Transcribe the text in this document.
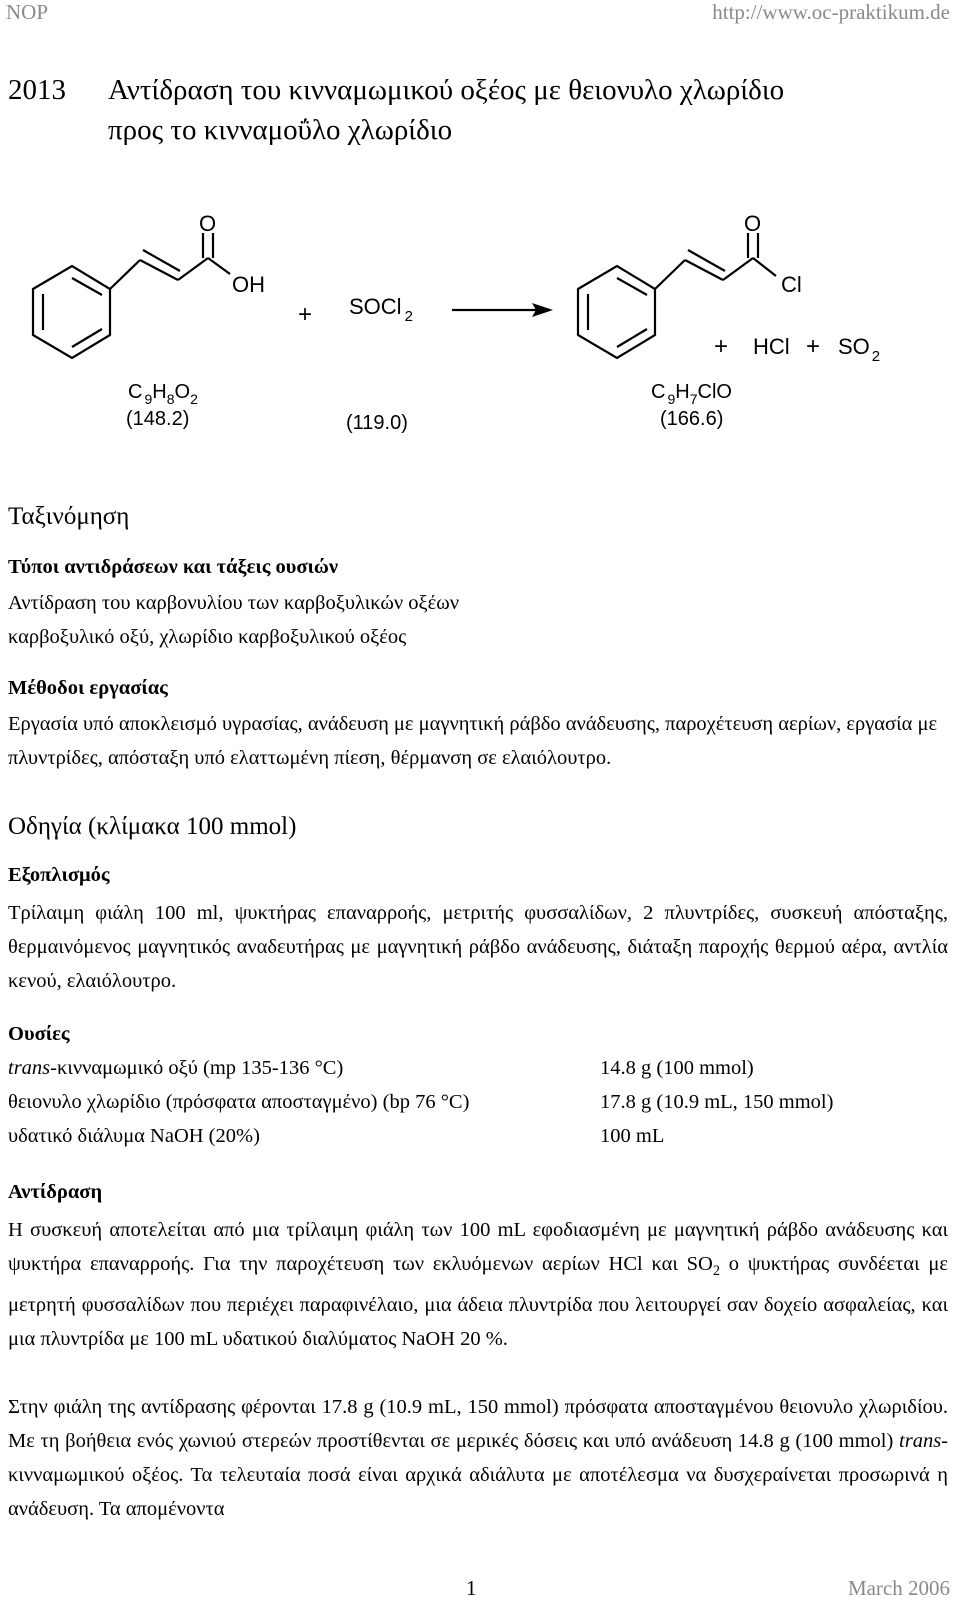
NOP	http://www.oc-praktikum.de
2013 Αντίδραση του κινναμωμικού οξέος με θειονυλο χλωρίδιο
προς το κινναμοΰλο χλωρίδιο
O
OH
+ SOCl $_2$
O
Cl
+ HCl + SO $_2$
C $_9H_8O_2$
(148.2)	(119.0)
C $_9H_7ClO$
(166.6)
Ταξινόμηση
Τύποι αντιδράσεων και τάξεις ουσιών
Αντίδραση του καρβονυλίου των καρβοξυλικών οξέων
καρβοξυλικό οξύ, χλωρίδιο καρβοξυλικού οξέος
Μέθοδοι εργασίας
Εργασία υπό αποκλεισμό υγρασίας, ανάδευση με μαγνητική ράβδο ανάδευσης, παροχέτευση αερίων, εργασία με πλυντρίδες, απόσταξη υπό ελαττωμένη πίεση, θέρμανση σε ελαιόλουτρο.
Οδηγία (κλίμακα 100 mmol)
Εξοπλισμός
Τρίλαιμη φιάλη 100 ml, ψυκτήρας επαναρροής, μετριτής φυσσαλίδων, 2 πλυντρίδες, συσκευή απόσταξης, θερμαινόμενος μαγνητικός αναδευτήρας με μαγνητική ράβδο ανάδευσης, διάταξη παροχής θερμού αέρα, αντλία κενού, ελαιόλουτρο.
Ουσίες
trans-κινναμωμικό οξύ (mp 135-136 °C)	14.8 g (100 mmol)
θειονυλο χλωρίδιο (πρόσφατα αποσταγμένο) (bp 76 °C)	17.8 g (10.9 mL, 150 mmol)
υδατικό διάλυμα NaOH (20%)	100 mL
Αντίδραση
Η συσκευή αποτελείται από μια τρίλαιμη φιάλη των 100 mL εφοδιασμένη με μαγνητική ράβδο ανάδευσης και ψυκτήρα επαναρροής. Για την παροχέτευση των εκλυόμενων αερίων HCl και $SO_2$ ο ψυκτήρας συνδέεται με μετρητή φυσσαλίδων που περιέχει παραφινέλαιο, μια άδεια πλυντρίδα που λειτουργεί σαν δοχείο ασφαλείας, και μια πλυντρίδα με 100 mL υδατικού διαλύματος NaOH 20 %.
Στην φιάλη της αντίδρασης φέρονται 17.8 g (10.9 mL, 150 mmol) πρόσφατα αποσταγμένου θειονυλο χλωριδίου. Με τη βοήθεια ενός χωνιού στερεών προστίθενται σε μερικές δόσεις και υπό ανάδευση 14.8 g (100 mmol) trans-κινναμωμικού οξέος. Τα τελευταία ποσά είναι αρχικά αδιάλυτα με αποτέλεσμα να δυσχεραίνεται προσωρινά η ανάδευση. Τα απομένοντα
1	March 2006
